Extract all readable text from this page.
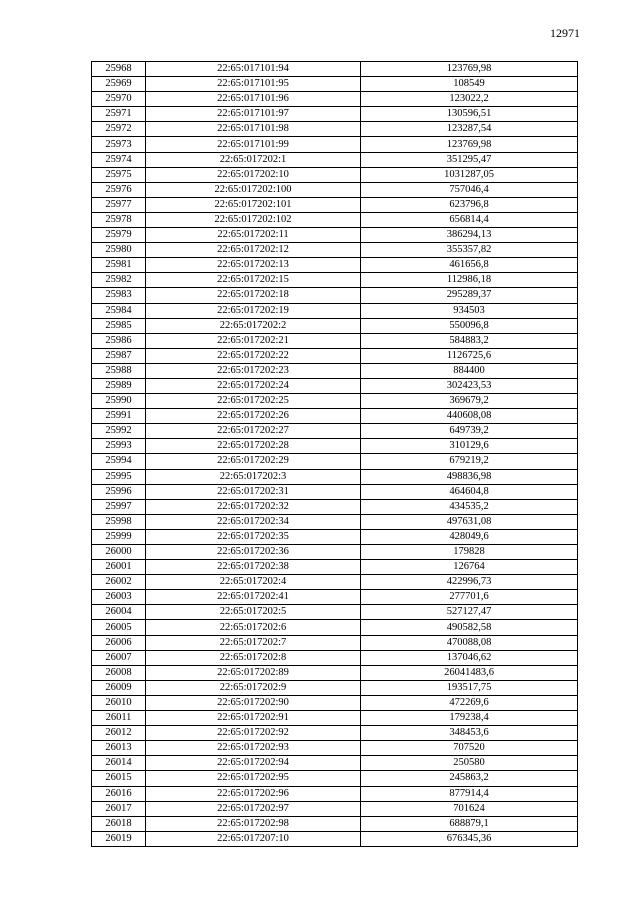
12971
25968	22:65:017101:94	123769,98
25969	22:65:017101:95	108549
25970	22:65:017101:96	123022,2
25971	22:65:017101:97	130596,51
25972	22:65:017101:98	123287,54
25973	22:65:017101:99	123769,98
25974	22:65:017202:1	351295,47
25975	22:65:017202:10	1031287,05
25976	22:65:017202:100	757046,4
25977	22:65:017202:101	623796,8
25978	22:65:017202:102	656814,4
25979	22:65:017202:11	386294,13
25980	22:65:017202:12	355357,82
25981	22:65:017202:13	461656,8
25982	22:65:017202:15	112986,18
25983	22:65:017202:18	295289,37
25984	22:65:017202:19	934503
25985	22:65:017202:2	550096,8
25986	22:65:017202:21	584883,2
25987	22:65:017202:22	1126725,6
25988	22:65:017202:23	884400
25989	22:65:017202:24	302423,53
25990	22:65:017202:25	369679,2
25991	22:65:017202:26	440608,08
25992	22:65:017202:27	649739,2
25993	22:65:017202:28	310129,6
25994	22:65:017202:29	679219,2
25995	22:65:017202:3	498836,98
25996	22:65:017202:31	464604,8
25997	22:65:017202:32	434535,2
25998	22:65:017202:34	497631,08
25999	22:65:017202:35	428049,6
26000	22:65:017202:36	179828
26001	22:65:017202:38	126764
26002	22:65:017202:4	422996,73
26003	22:65:017202:41	277701,6
26004	22:65:017202:5	527127,47
26005	22:65:017202:6	490582,58
26006	22:65:017202:7	470088,08
26007	22:65:017202:8	137046,62
26008	22:65:017202:89	26041483,6
26009	22:65:017202:9	193517,75
26010	22:65:017202:90	472269,6
26011	22:65:017202:91	179238,4
26012	22:65:017202:92	348453,6
26013	22:65:017202:93	707520
26014	22:65:017202:94	250580
26015	22:65:017202:95	245863,2
26016	22:65:017202:96	877914,4
26017	22:65:017202:97	701624
26018	22:65:017202:98	688879,1
26019	22:65:017207:10	676345,36
